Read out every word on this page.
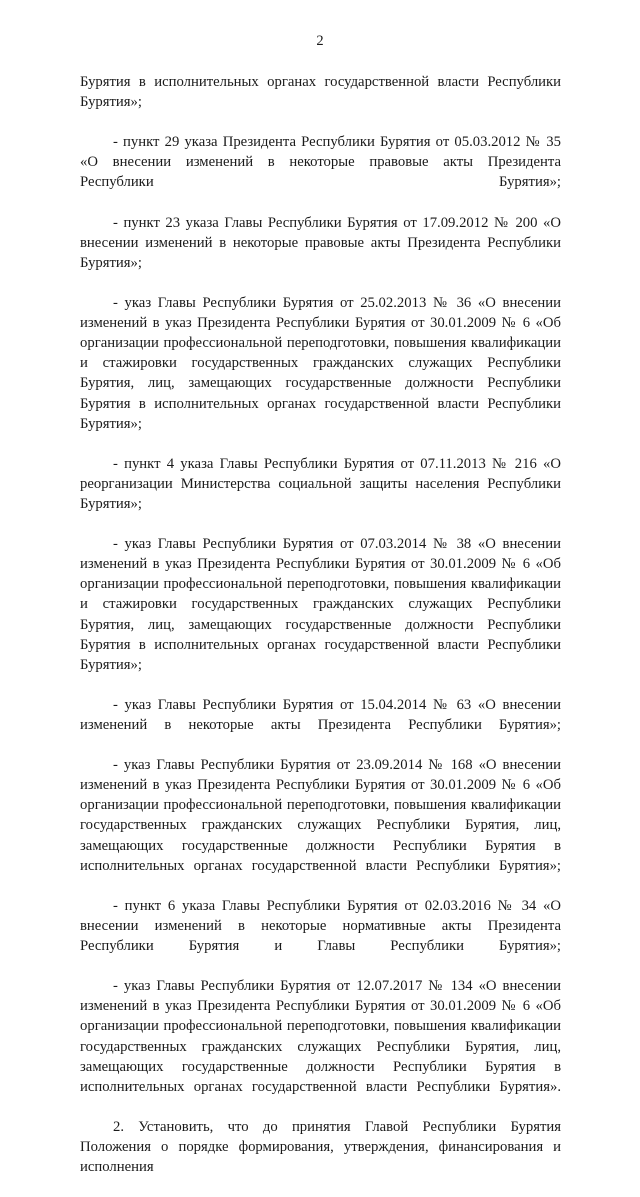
2

Бурятия в исполнительных органах государственной власти Республики Бурятия»;

- пункт 29 указа Президента Республики Бурятия от 05.03.2012 № 35 «О внесении изменений в некоторые правовые акты Президента Республики Бурятия»;

- пункт 23 указа Главы Республики Бурятия от 17.09.2012 № 200 «О внесении изменений в некоторые правовые акты Президента Республики Бурятия»;

- указ Главы Республики Бурятия от 25.02.2013 № 36 «О внесении изменений в указ Президента Республики Бурятия от 30.01.2009 № 6 «Об организации профессиональной переподготовки, повышения квалификации и стажировки государственных гражданских служащих Республики Бурятия, лиц, замещающих государственные должности Республики Бурятия в исполнительных органах государственной власти Республики Бурятия»;

- пункт 4 указа Главы Республики Бурятия от 07.11.2013 № 216 «О реорганизации Министерства социальной защиты населения Республики Бурятия»;

- указ Главы Республики Бурятия от 07.03.2014 № 38 «О внесении изменений в указ Президента Республики Бурятия от 30.01.2009 № 6 «Об организации профессиональной переподготовки, повышения квалификации и стажировки государственных гражданских служащих Республики Бурятия, лиц, замещающих государственные должности Республики Бурятия в исполнительных органах государственной власти Республики Бурятия»;

- указ Главы Республики Бурятия от 15.04.2014 № 63 «О внесении изменений в некоторые акты Президента Республики Бурятия»;

- указ Главы Республики Бурятия от 23.09.2014 № 168 «О внесении изменений в указ Президента Республики Бурятия от 30.01.2009 № 6 «Об организации профессиональной переподготовки, повышения квалификации государственных гражданских служащих Республики Бурятия, лиц, замещающих государственные должности Республики Бурятия в исполнительных органах государственной власти Республики Бурятия»;

- пункт 6 указа Главы Республики Бурятия от 02.03.2016 № 34 «О внесении изменений в некоторые нормативные акты Президента Республики Бурятия и Главы Республики Бурятия»;

- указ Главы Республики Бурятия от 12.07.2017 № 134 «О внесении изменений в указ Президента Республики Бурятия от 30.01.2009 № 6 «Об организации профессиональной переподготовки, повышения квалификации государственных гражданских служащих Республики Бурятия, лиц, замещающих государственные должности Республики Бурятия в исполнительных органах государственной власти Республики Бурятия».

2. Установить, что до принятия Главой Республики Бурятия Положения о порядке формирования, утверждения, финансирования и исполнения
